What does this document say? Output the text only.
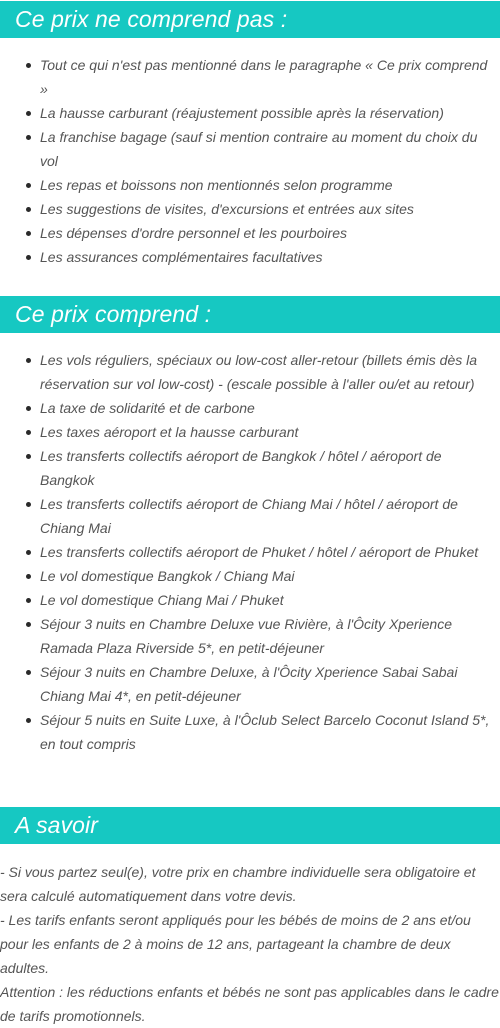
Ce prix ne comprend pas :
Tout ce qui n'est pas mentionné dans le paragraphe « Ce prix comprend »
La hausse carburant (réajustement possible après la réservation)
La franchise bagage (sauf si mention contraire au moment du choix du vol
Les repas et boissons non mentionnés selon programme
Les suggestions de visites, d'excursions et entrées aux sites
Les dépenses d'ordre personnel et les pourboires
Les assurances complémentaires facultatives
Ce prix comprend :
Les vols réguliers, spéciaux ou low-cost aller-retour (billets émis dès la réservation sur vol low-cost) - (escale possible à l'aller ou/et au retour)
La taxe de solidarité et de carbone
Les taxes aéroport et la hausse carburant
Les transferts collectifs aéroport de Bangkok / hôtel / aéroport de Bangkok
Les transferts collectifs aéroport de Chiang Mai / hôtel / aéroport de Chiang Mai
Les transferts collectifs aéroport de Phuket / hôtel / aéroport de Phuket
Le vol domestique Bangkok / Chiang Mai
Le vol domestique Chiang Mai / Phuket
Séjour 3 nuits en Chambre Deluxe vue Rivière, à l'Ôcity Xperience Ramada Plaza Riverside 5*, en petit-déjeuner
Séjour 3 nuits en Chambre Deluxe, à l'Ôcity Xperience Sabai Sabai Chiang Mai 4*, en petit-déjeuner
Séjour 5 nuits en Suite Luxe, à l'Ôclub Select Barcelo Coconut Island 5*, en tout compris
A savoir
- Si vous partez seul(e), votre prix en chambre individuelle sera obligatoire et sera calculé automatiquement dans votre devis.
- Les tarifs enfants seront appliqués pour les bébés de moins de 2 ans et/ou pour les enfants de 2 à moins de 12 ans, partageant la chambre de deux adultes.
Attention : les réductions enfants et bébés ne sont pas applicables dans le cadre de tarifs promotionnels.
